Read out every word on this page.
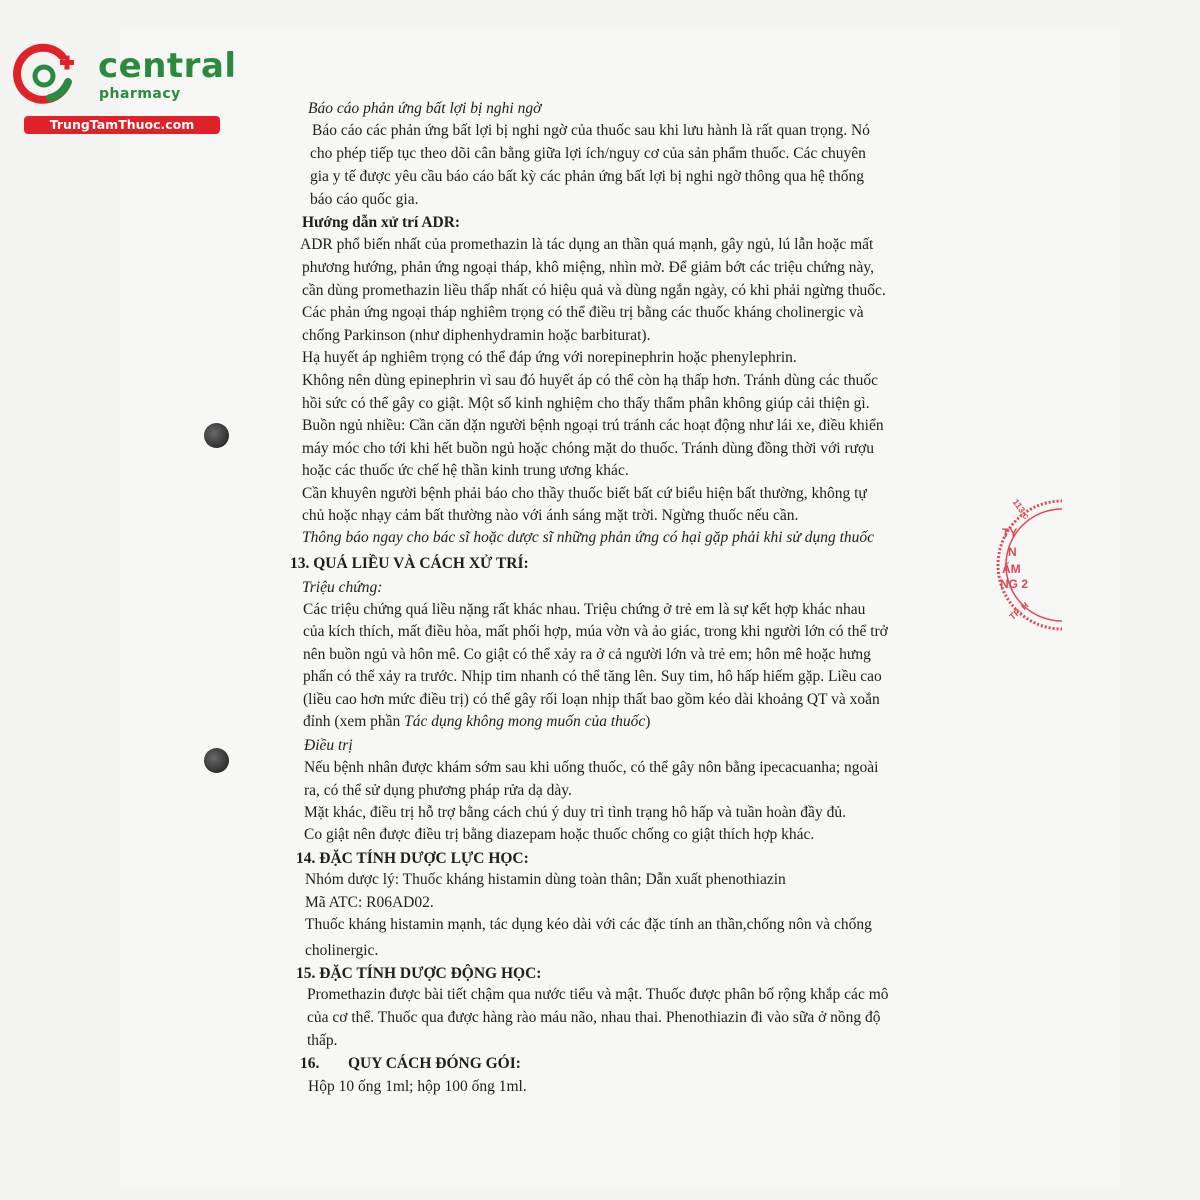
central
pharmacy
TrungTamThuoc.com
113.c
TY
N
ẨM
NG 2
TP. H
Báo cáo phản ứng bất lợi bị nghi ngờ
Báo cáo các phản ứng bất lợi bị nghi ngờ của thuốc sau khi lưu hành là rất quan trọng. Nó
cho phép tiếp tục theo dõi cân bằng giữa lợi ích/nguy cơ của sản phẩm thuốc. Các chuyên
gia y tế được yêu cầu báo cáo bất kỳ các phản ứng bất lợi bị nghi ngờ thông qua hệ thống
báo cáo quốc gia.
Hướng dẫn xử trí ADR:
ADR phổ biến nhất của promethazin là tác dụng an thần quá mạnh, gây ngủ, lú lẫn hoặc mất
phương hướng, phản ứng ngoại tháp, khô miệng, nhìn mờ. Để giảm bớt các triệu chứng này,
cần dùng promethazin liều thấp nhất có hiệu quả và dùng ngắn ngày, có khi phải ngừng thuốc.
Các phản ứng ngoại tháp nghiêm trọng có thể điều trị bằng các thuốc kháng cholinergic và
chống Parkinson (như diphenhydramin hoặc barbiturat).
Hạ huyết áp nghiêm trọng có thể đáp ứng với norepinephrin hoặc phenylephrin.
Không nên dùng epinephrin vì sau đó huyết áp có thể còn hạ thấp hơn. Tránh dùng các thuốc
hồi sức có thể gây co giật. Một số kinh nghiệm cho thấy thẩm phân không giúp cải thiện gì.
Buồn ngủ nhiều: Cần căn dặn người bệnh ngoại trú tránh các hoạt động như lái xe, điều khiển
máy móc cho tới khi hết buồn ngủ hoặc chóng mặt do thuốc. Tránh dùng đồng thời với rượu
hoặc các thuốc ức chế hệ thần kinh trung ương khác.
Cần khuyên người bệnh phải báo cho thầy thuốc biết bất cứ biểu hiện bất thường, không tự
chủ hoặc nhạy cảm bất thường nào với ánh sáng mặt trời. Ngừng thuốc nếu cần.
Thông báo ngay cho bác sĩ hoặc dược sĩ những phản ứng có hại gặp phải khi sử dụng thuốc
13. QUÁ LIỀU VÀ CÁCH XỬ TRÍ:
Triệu chứng:
Các triệu chứng quá liều nặng rất khác nhau. Triệu chứng ở trẻ em là sự kết hợp khác nhau
của kích thích, mất điều hòa, mất phối hợp, múa vờn và ảo giác, trong khi người lớn có thể trở
nên buồn ngủ và hôn mê. Co giật có thể xảy ra ở cả người lớn và trẻ em; hôn mê hoặc hưng
phấn có thể xảy ra trước. Nhịp tim nhanh có thể tăng lên. Suy tim, hô hấp hiếm gặp. Liều cao
(liều cao hơn mức điều trị) có thể gây rối loạn nhịp thất bao gồm kéo dài khoảng QT và xoắn
đỉnh (xem phần Tác dụng không mong muốn của thuốc)
Điều trị
Nếu bệnh nhân được khám sớm sau khi uống thuốc, có thể gây nôn bằng ipecacuanha; ngoài
ra, có thể sử dụng phương pháp rửa dạ dày.
Mặt khác, điều trị hỗ trợ bằng cách chú ý duy trì tình trạng hô hấp và tuần hoàn đầy đủ.
Co giật nên được điều trị bằng diazepam hoặc thuốc chống co giật thích hợp khác.
14. ĐẶC TÍNH DƯỢC LỰC HỌC:
Nhóm dược lý: Thuốc kháng histamin dùng toàn thân; Dẫn xuất phenothiazin
Mã ATC: R06AD02.
Thuốc kháng histamin mạnh, tác dụng kéo dài với các đặc tính an thần,chống nôn và chống
cholinergic.
15. ĐẶC TÍNH DƯỢC ĐỘNG HỌC:
Promethazin được bài tiết chậm qua nước tiểu và mật. Thuốc được phân bố rộng khắp các mô
của cơ thể. Thuốc qua được hàng rào máu não, nhau thai. Phenothiazin đi vào sữa ở nồng độ
thấp.
16. QUY CÁCH ĐÓNG GÓI:
Hộp 10 ống 1ml; hộp 100 ống 1ml.
